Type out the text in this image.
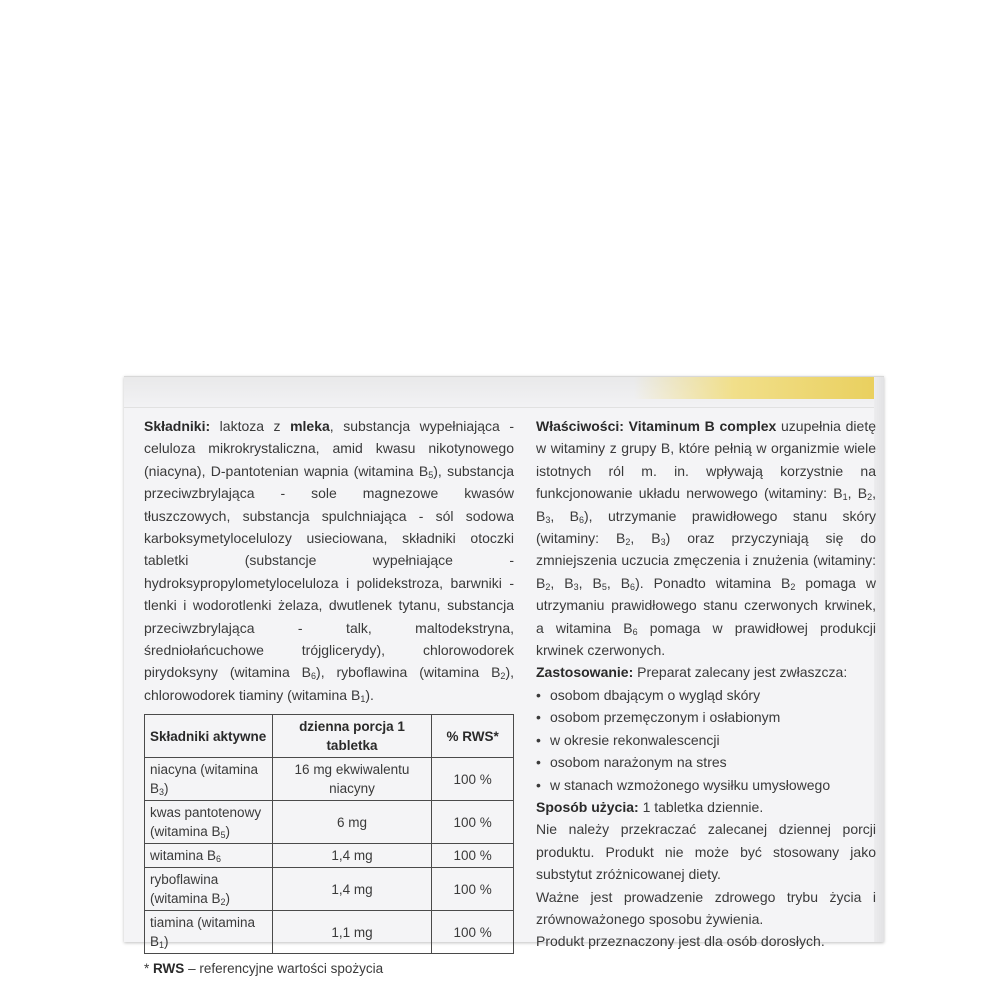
Składniki: laktoza z mleka, substancja wypełniająca - celuloza mikrokrystaliczna, amid kwasu nikotynowego (niacyna), D-pantotenian wapnia (witamina $B_5$), substancja przeciwzbrylająca - sole magnezowe kwasów tłuszczowych, substancja spulchniająca - sól sodowa karboksymetylocelulozy usieciowana, składniki otoczki tabletki (substancje wypełniające - hydroksypropylometyloceluloza i polidekstroza, barwniki - tlenki i wodorotlenki żelaza, dwutlenek tytanu, substancja przeciwzbrylająca - talk, maltodekstryna, średniołańcuchowe trójglicerydy), chlorowodorek pirydoksyny (witamina $B_6$), ryboflawina (witamina $B_2$), chlorowodorek tiaminy (witamina $B_1$).
Składniki aktywne	dzienna porcja 1 tabletka	% RWS*
niacyna (witamina $B_3$)	16 mg ekwiwalentu niacyny	100 %
kwas pantotenowy (witamina $B_5$)	6 mg	100 %
witamina $B_6$	1,4 mg	100 %
ryboflawina (witamina $B_2$)	1,4 mg	100 %
tiamina (witamina $B_1$)	1,1 mg	100 %
* RWS – referencyjne wartości spożycia
Właściwości: Vitaminum B complex uzupełnia dietę w witaminy z grupy B, które pełnią w organizmie wiele istotnych ról m. in. wpływają korzystnie na funkcjonowanie układu nerwowego (witaminy: $B_1$, $B_2$, $B_3$, $B_6$), utrzymanie prawidłowego stanu skóry (witaminy: $B_2$, $B_3$) oraz przyczyniają się do zmniejszenia uczucia zmęczenia i znużenia (witaminy: $B_2$, $B_3$, $B_5$, $B_6$). Ponadto witamina $B_2$ pomaga w utrzymaniu prawidłowego stanu czerwonych krwinek, a witamina $B_6$ pomaga w prawidłowej produkcji krwinek czerwonych.
Zastosowanie: Preparat zalecany jest zwłaszcza:
• osobom dbającym o wygląd skóry
• osobom przemęczonym i osłabionym
• w okresie rekonwalescencji
• osobom narażonym na stres
• w stanach wzmożonego wysiłku umysłowego
Sposób użycia: 1 tabletka dziennie.
Nie należy przekraczać zalecanej dziennej porcji produktu. Produkt nie może być stosowany jako substytut zróżnicowanej diety.
Ważne jest prowadzenie zdrowego trybu życia i zrównoważonego sposobu żywienia.
Produkt przeznaczony jest dla osób dorosłych.
